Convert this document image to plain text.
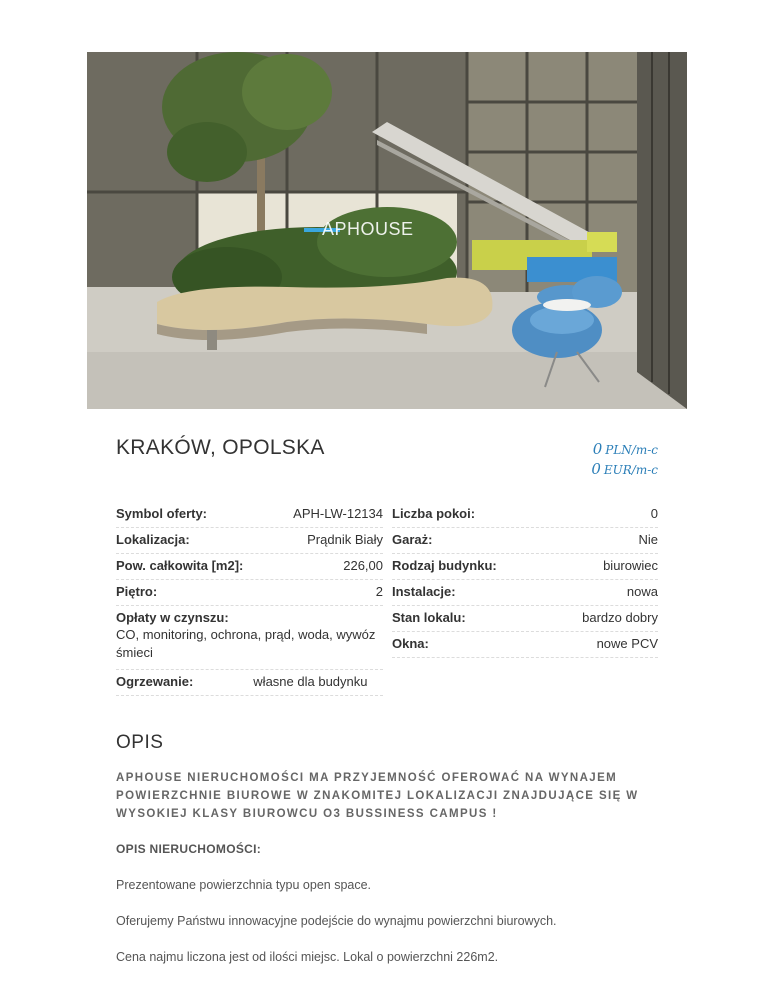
APHOUSE
KRAKÓW, OPOLSKA	0 PLN/m-c
0 EUR/m-c
Symbol oferty:	APH-LW-12134
Lokalizacja:	Prądnik Biały
Pow. całkowita [m2]:	226,00
Piętro:	2
Opłaty w czynszu:
CO, monitoring, ochrona, prąd, woda, wywóz śmieci
Ogrzewanie:	własne dla budynku
Liczba pokoi:	0
Garaż:	Nie
Rodzaj budynku:	biurowiec
Instalacje:	nowa
Stan lokalu:	bardzo dobry
Okna:	nowe PCV
OPIS
APHOUSE NIERUCHOMOŚCI MA PRZYJEMNOŚĆ OFEROWAĆ NA WYNAJEM POWIERZCHNIE BIUROWE W ZNAKOMITEJ LOKALIZACJI ZNAJDUJĄCE SIĘ W WYSOKIEJ KLASY BIUROWCU O3 BUSSINESS CAMPUS !
OPIS NIERUCHOMOŚCI:
Prezentowane powierzchnia typu open space.
Oferujemy Państwu innowacyjne podejście do wynajmu powierzchni biurowych.
Cena najmu liczona jest od ilości miejsc. Lokal o powierzchni 226m2.
